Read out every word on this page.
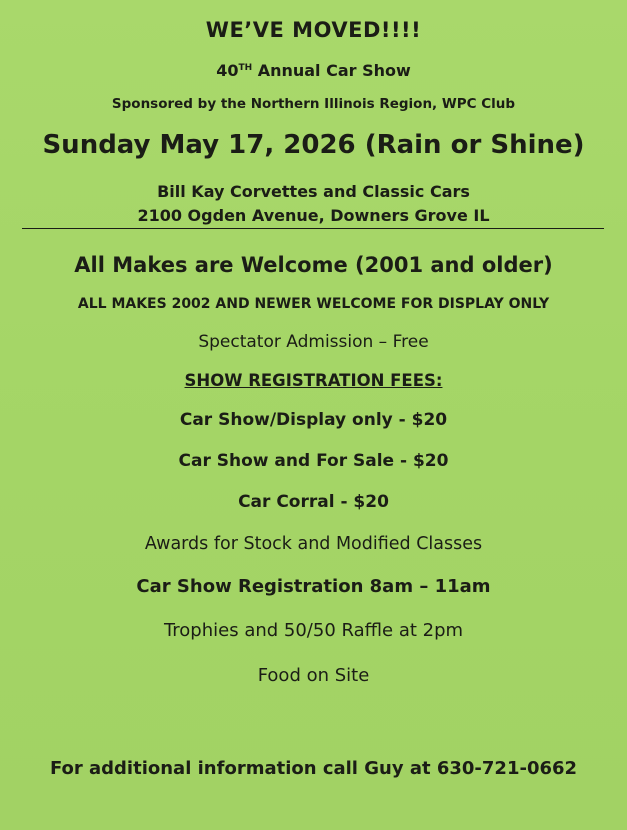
WE’VE MOVED!!!!
40TH Annual Car Show
Sponsored by the Northern Illinois Region, WPC Club
Sunday May 17, 2026 (Rain or Shine)
Bill Kay Corvettes and Classic Cars
2100 Ogden Avenue, Downers Grove IL
All Makes are Welcome (2001 and older)
ALL MAKES 2002 AND NEWER WELCOME FOR DISPLAY ONLY
Spectator Admission – Free
SHOW REGISTRATION FEES:
Car Show/Display only - $20
Car Show and For Sale - $20
Car Corral - $20
Awards for Stock and Modified Classes
Car Show Registration 8am – 11am
Trophies and 50/50 Raffle at 2pm
Food on Site
For additional information call Guy at 630-721-0662
